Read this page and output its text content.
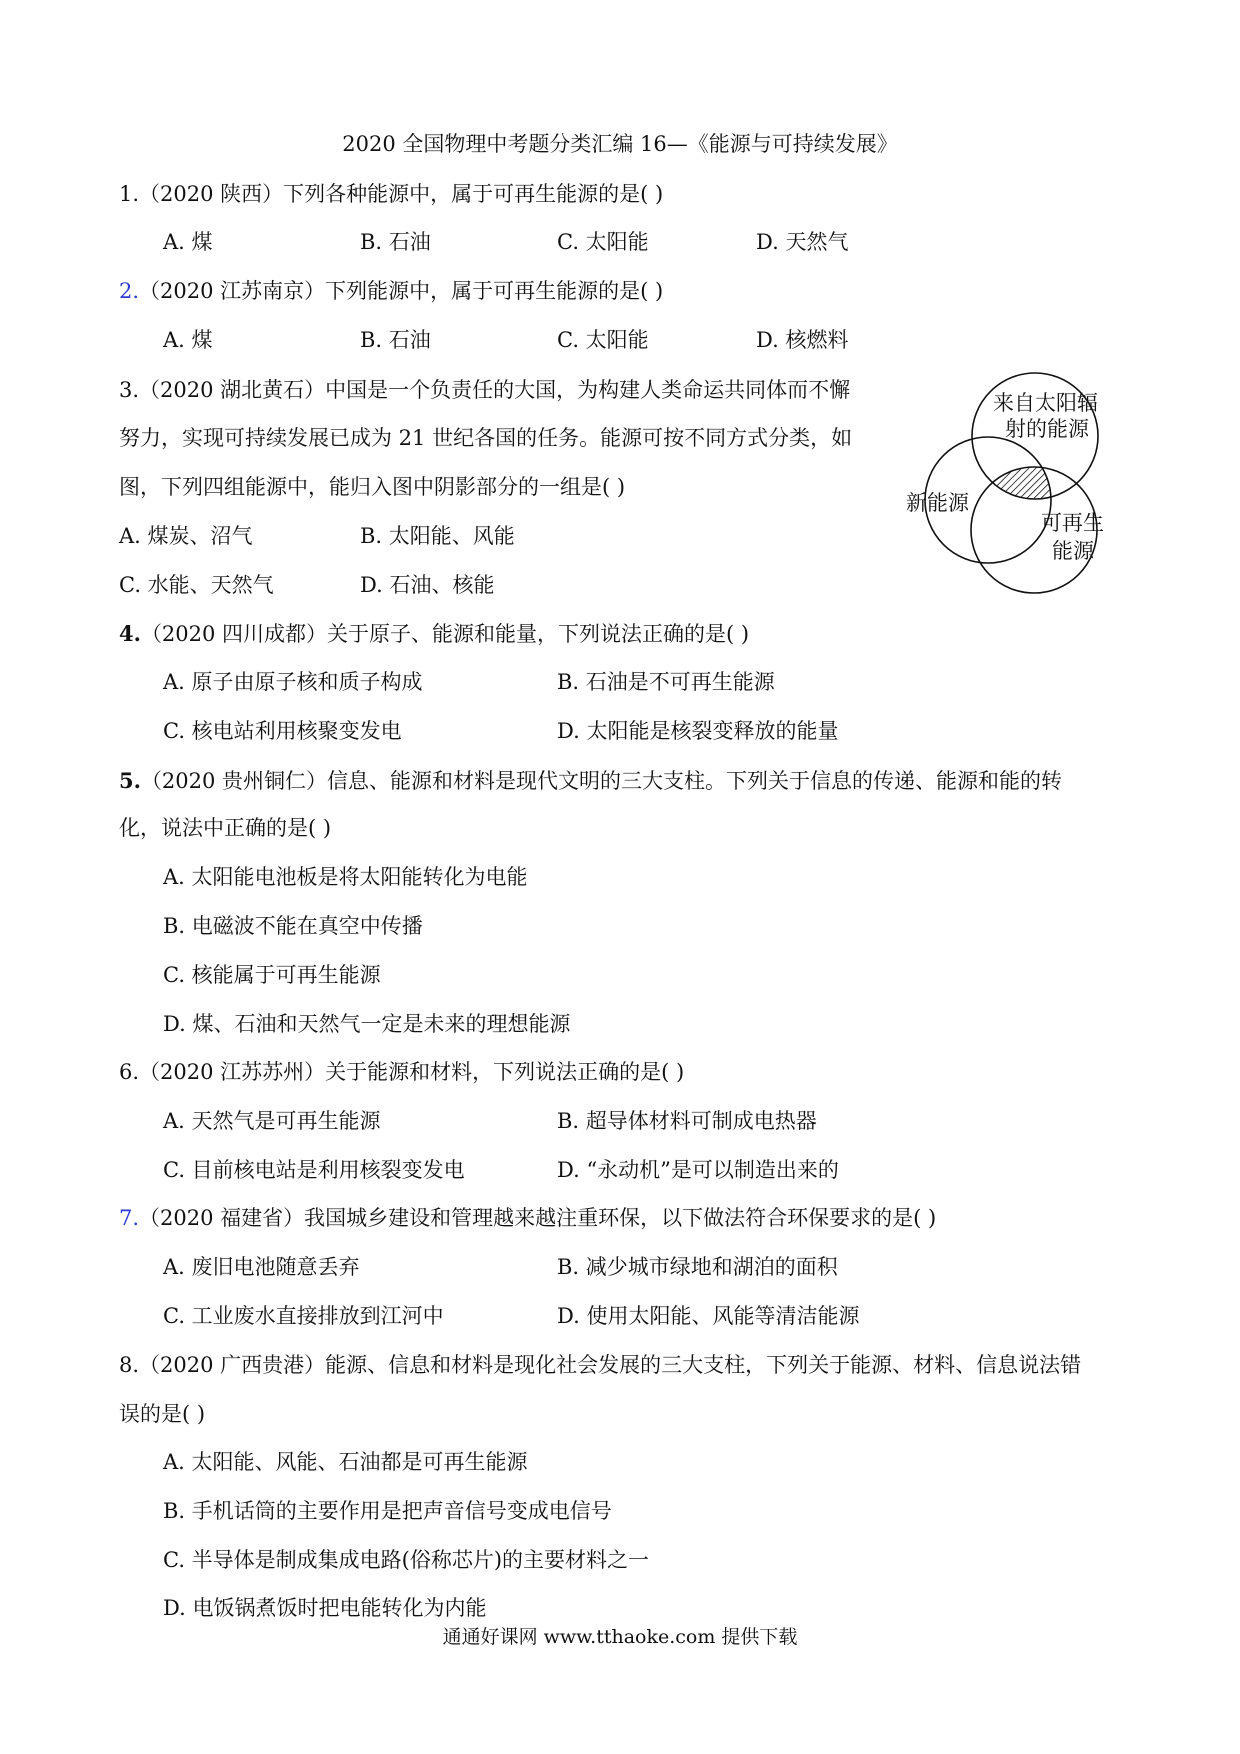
2020 全国物理中考题分类汇编 16—《能源与可持续发展》
1.（2020 陕西）下列各种能源中，属于可再生能源的是( )
A. 煤	B. 石油	C. 太阳能	D. 天然气
2.（2020 江苏南京）下列能源中，属于可再生能源的是( )
A. 煤	B. 石油	C. 太阳能	D. 核燃料
3.（2020 湖北黄石）中国是一个负责任的大国，为构建人类命运共同体而不懈
努力，实现可持续发展已成为 21 世纪各国的任务。能源可按不同方式分类，如
图，下列四组能源中，能归入图中阴影部分的一组是( )
A. 煤炭、沼气	B. 太阳能、风能
C. 水能、天然气	D. 石油、核能
来自太阳辐
射的能源
新能源
可再生
能源
4.（2020 四川成都）关于原子、能源和能量，下列说法正确的是( )
A. 原子由原子核和质子构成	B. 石油是不可再生能源
C. 核电站利用核聚变发电	D. 太阳能是核裂变释放的能量
5.（2020 贵州铜仁）信息、能源和材料是现代文明的三大支柱。下列关于信息的传递、能源和能的转
化，说法中正确的是( )
A. 太阳能电池板是将太阳能转化为电能
B. 电磁波不能在真空中传播
C. 核能属于可再生能源
D. 煤、石油和天然气一定是未来的理想能源
6.（2020 江苏苏州）关于能源和材料，下列说法正确的是( )
A. 天然气是可再生能源	B. 超导体材料可制成电热器
C. 目前核电站是利用核裂变发电	D. “永动机”是可以制造出来的
7.（2020 福建省）我国城乡建设和管理越来越注重环保，以下做法符合环保要求的是( )
A. 废旧电池随意丢弃	B. 减少城市绿地和湖泊的面积
C. 工业废水直接排放到江河中	D. 使用太阳能、风能等清洁能源
8.（2020 广西贵港）能源、信息和材料是现化社会发展的三大支柱，下列关于能源、材料、信息说法错
误的是( )
A. 太阳能、风能、石油都是可再生能源
B. 手机话筒的主要作用是把声音信号变成电信号
C. 半导体是制成集成电路(俗称芯片)的主要材料之一
D. 电饭锅煮饭时把电能转化为内能
通通好课网 www.tthaoke.com 提供下载
